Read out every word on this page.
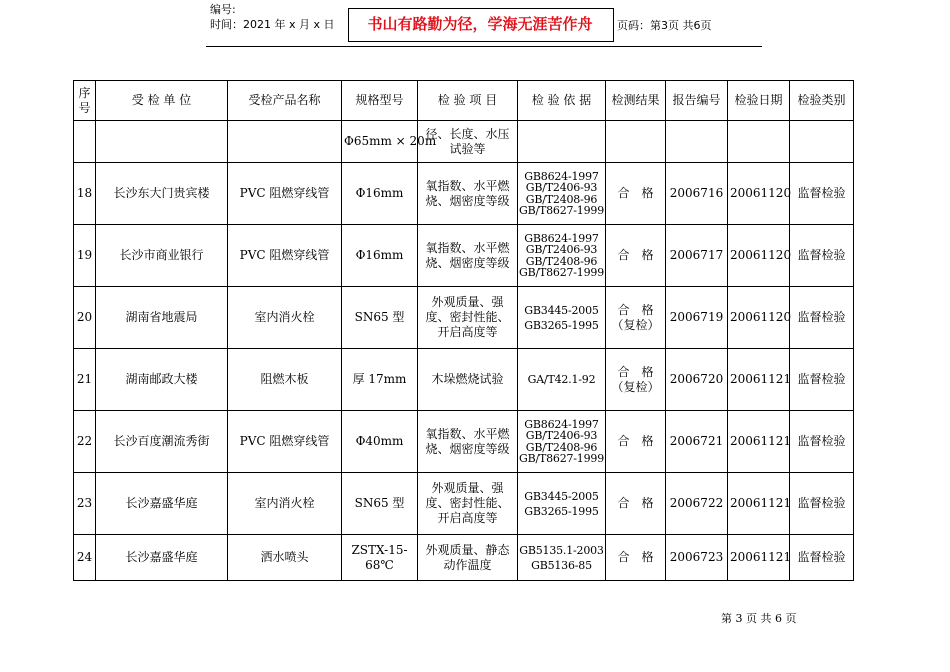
编号:
时间：2021 年 x 月 x 日	书山有路勤为径，学海无涯苦作舟	页码：第3页 共6页
序号	受 检 单 位	受检产品名称	规格型号	检 验 项 目	检 验 依 据	检测结果	报告编号	检验日期	检验类别
			Φ65mm × 20m	径、长度、水压试验等					
18	长沙东大门贵宾楼	PVC 阻燃穿线管	Φ16mm	氧指数、水平燃烧、烟密度等级	GB8624-1997
GB/T2406-93
GB/T2408-96
GB/T8627-1999	合　格	2006716	20061120	监督检验
19	长沙市商业银行	PVC 阻燃穿线管	Φ16mm	氧指数、水平燃烧、烟密度等级	GB8624-1997
GB/T2406-93
GB/T2408-96
GB/T8627-1999	合　格	2006717	20061120	监督检验
20	湖南省地震局	室内消火栓	SN65 型	外观质量、强度、密封性能、开启高度等	GB3445-2005
GB3265-1995	合　格（复检）	2006719	20061120	监督检验
21	湖南邮政大楼	阻燃木板	厚 17mm	木垛燃烧试验	GA/T42.1-92	合　格（复检）	2006720	20061121	监督检验
22	长沙百度潮流秀街	PVC 阻燃穿线管	Φ40mm	氧指数、水平燃烧、烟密度等级	GB8624-1997
GB/T2406-93
GB/T2408-96
GB/T8627-1999	合　格	2006721	20061121	监督检验
23	长沙嘉盛华庭	室内消火栓	SN65 型	外观质量、强度、密封性能、开启高度等	GB3445-2005
GB3265-1995	合　格	2006722	20061121	监督检验
24	长沙嘉盛华庭	洒水喷头	ZSTX-15-68℃	外观质量、静态动作温度	GB5135.1-2003
GB5136-85	合　格	2006723	20061121	监督检验
第 3 页 共 6 页
